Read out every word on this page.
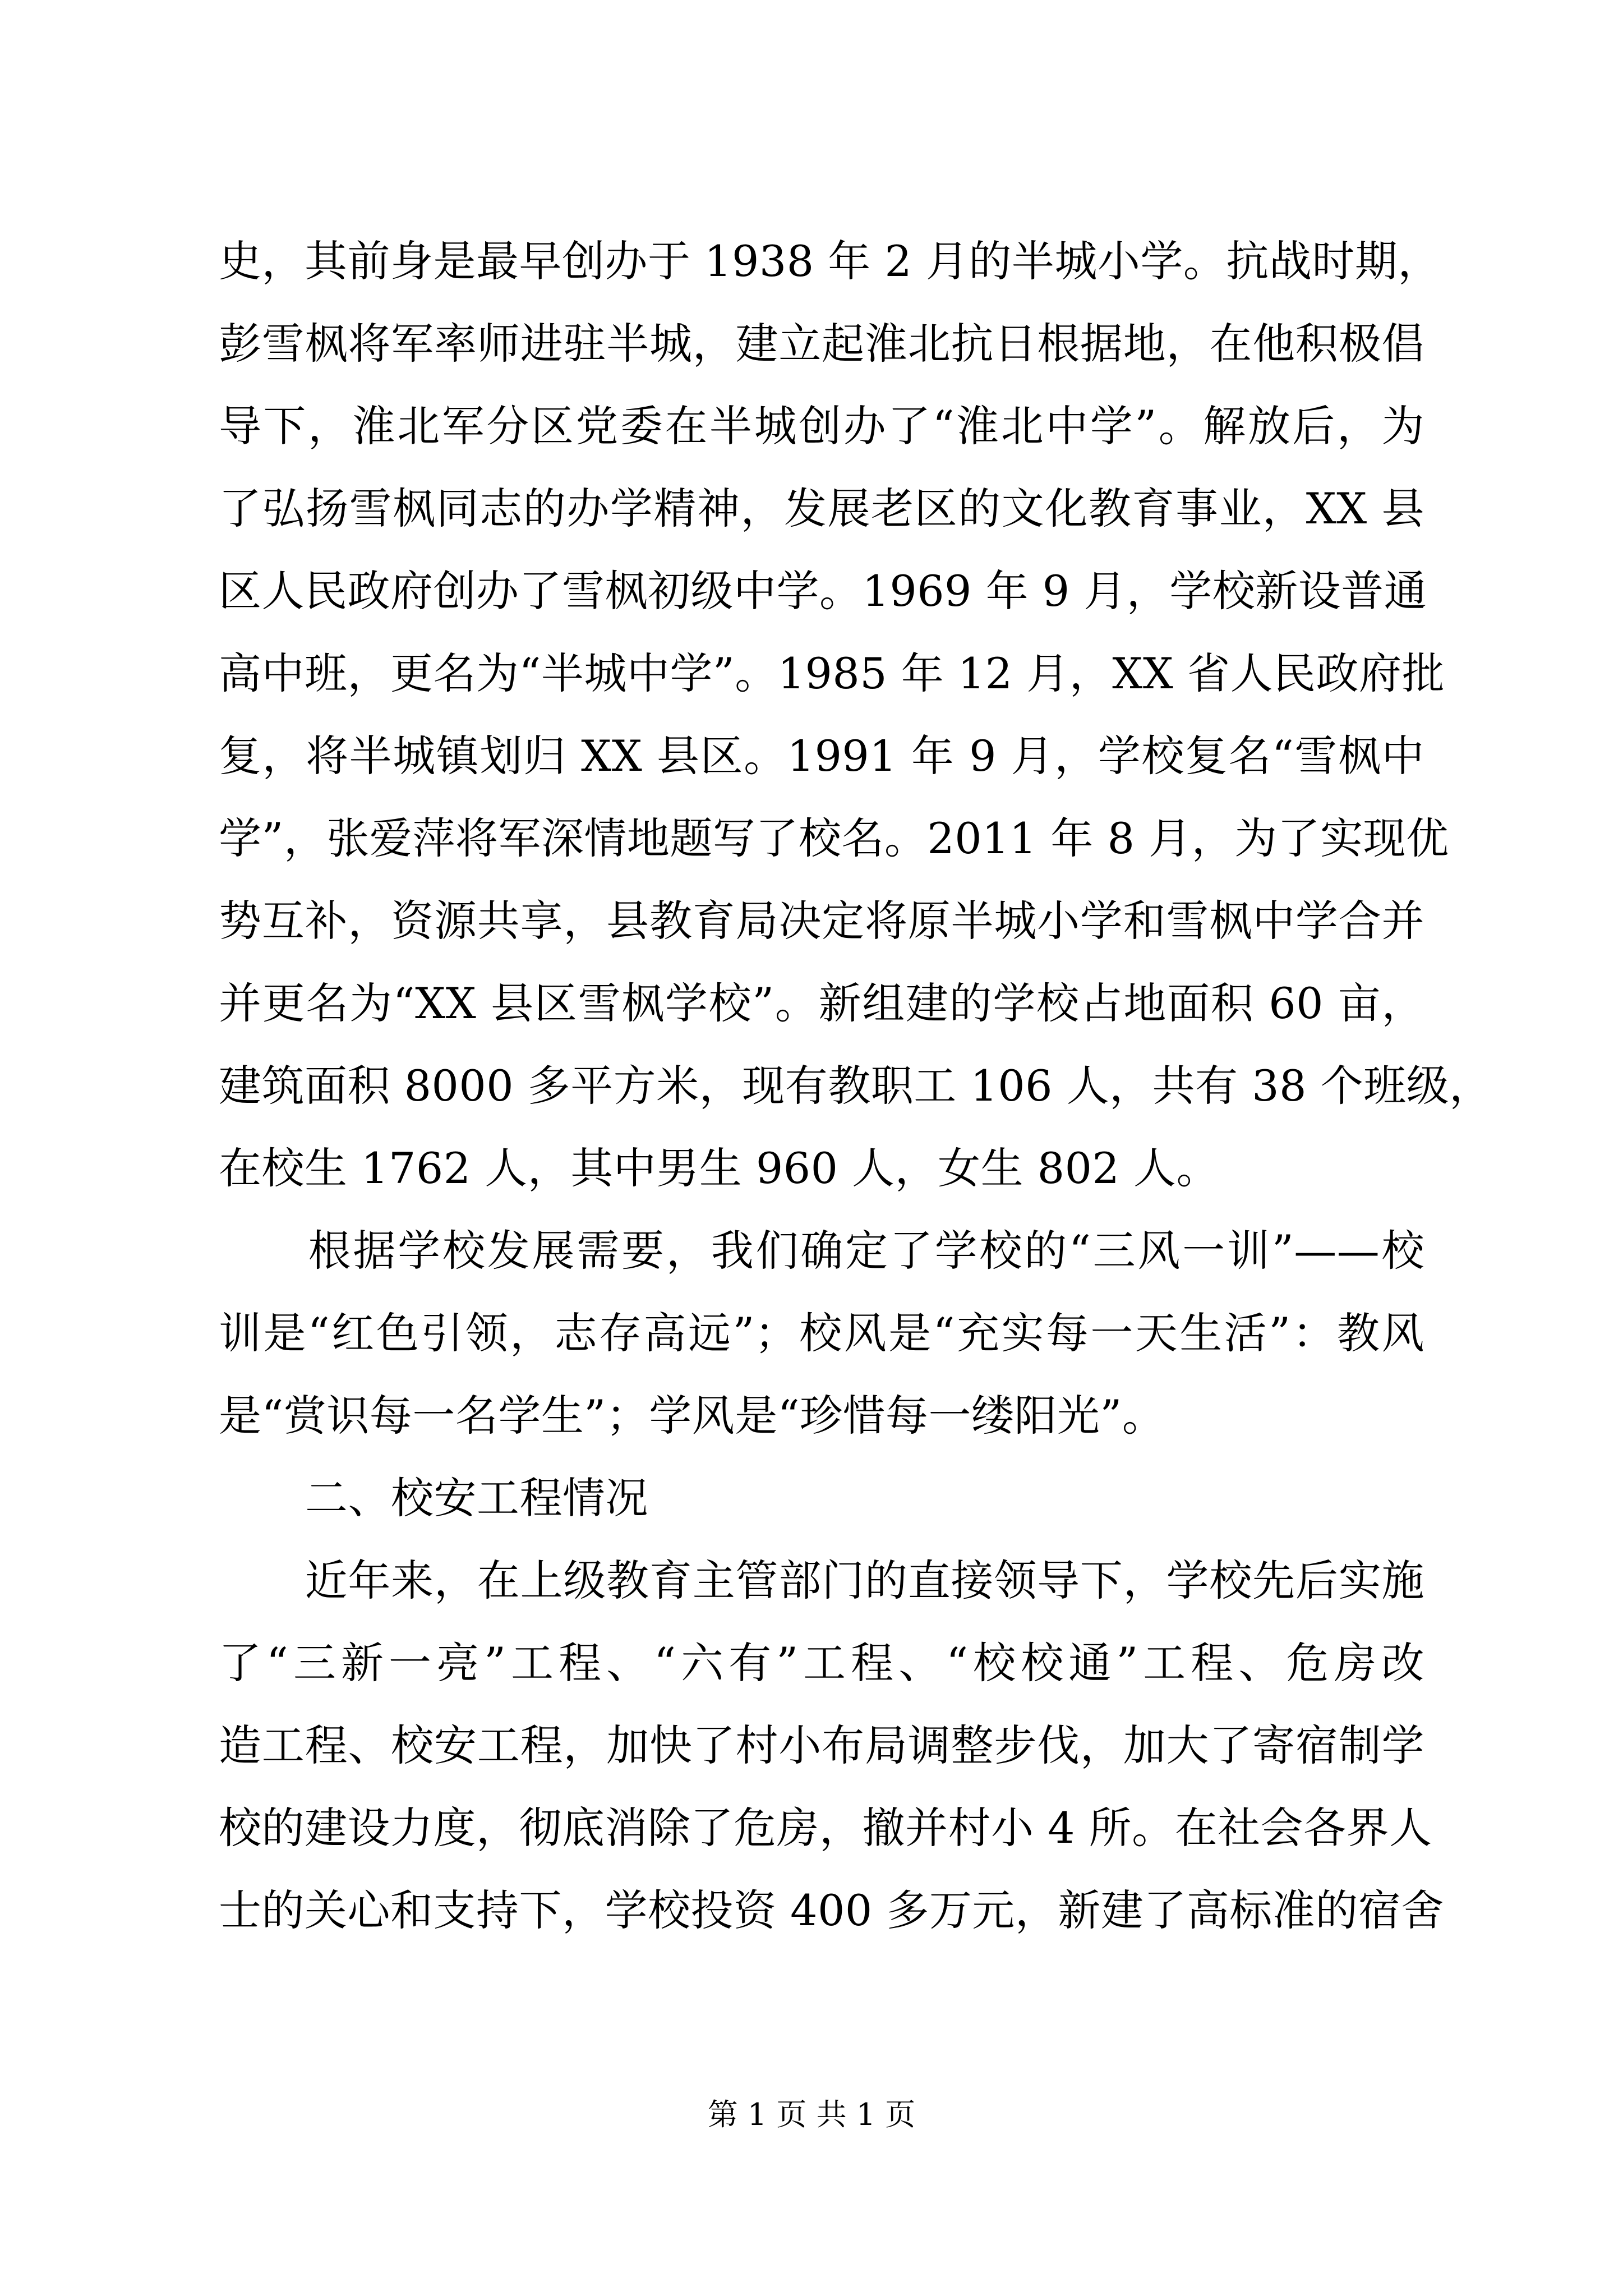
史，其前身是最早创办于 1938 年 2 月的半城小学。抗战时期，
彭雪枫将军率师进驻半城，建立起淮北抗日根据地，在他积极倡
导下，淮北军分区党委在半城创办了“淮北中学”。解放后，为
了弘扬雪枫同志的办学精神，发展老区的文化教育事业，XX 县
区人民政府创办了雪枫初级中学。1969 年 9 月，学校新设普通
高中班，更名为“半城中学”。1985 年 12 月，XX 省人民政府批
复，将半城镇划归 XX 县区。1991 年 9 月，学校复名“雪枫中
学”，张爱萍将军深情地题写了校名。2011 年 8 月，为了实现优
势互补，资源共享，县教育局决定将原半城小学和雪枫中学合并
并更名为“XX 县区雪枫学校”。新组建的学校占地面积 60 亩，
建筑面积 8000 多平方米，现有教职工 106 人，共有 38 个班级，
在校生 1762 人，其中男生 960 人，女生 802 人。
　　根据学校发展需要，我们确定了学校的“三风一训”——校
训是“红色引领，志存高远”；校风是“充实每一天生活”：教风
是“赏识每一名学生”；学风是“珍惜每一缕阳光”。
二、校安工程情况
　　近年来，在上级教育主管部门的直接领导下，学校先后实施
了“三新一亮”工程、“六有”工程、“校校通”工程、危房改
造工程、校安工程，加快了村小布局调整步伐，加大了寄宿制学
校的建设力度，彻底消除了危房，撤并村小 4 所。在社会各界人
士的关心和支持下，学校投资 400 多万元，新建了高标准的宿舍
第 1 页 共 1 页
